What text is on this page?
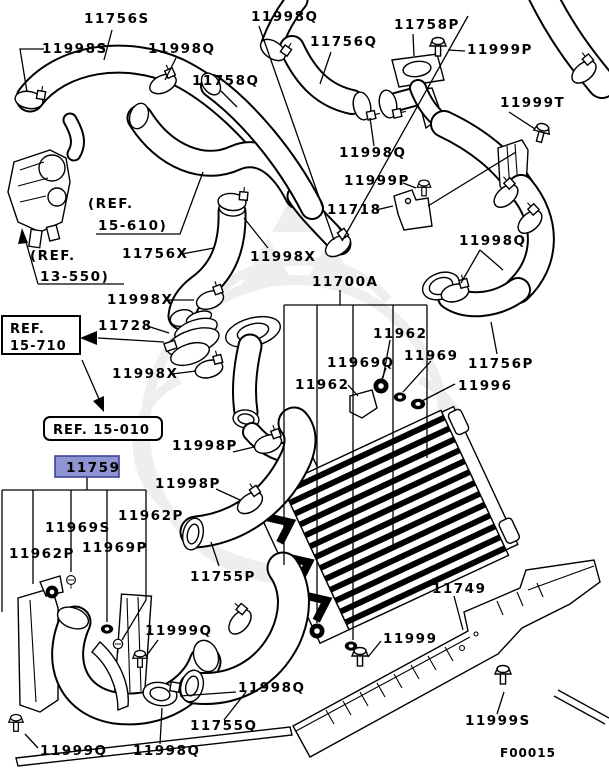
REF.
15-710
REF. 15-010
(REF.
15-610)
(REF.
13-550)
11759
11756S
11998S	11998Q
11758Q
11998Q
11756Q
11758P
11999P
11999T
11998Q
11999P
11718
11756X	11998X
11998X
11728
11998X
11700A
11998Q
11962
11969Q 11969
11962
11756P
11996
11998P
11998P
11962P
11969S
11969P
11962P
11755P
11999Q
11998Q
11755Q
11999Q 11998Q
11749
11999
11999S
F00015
